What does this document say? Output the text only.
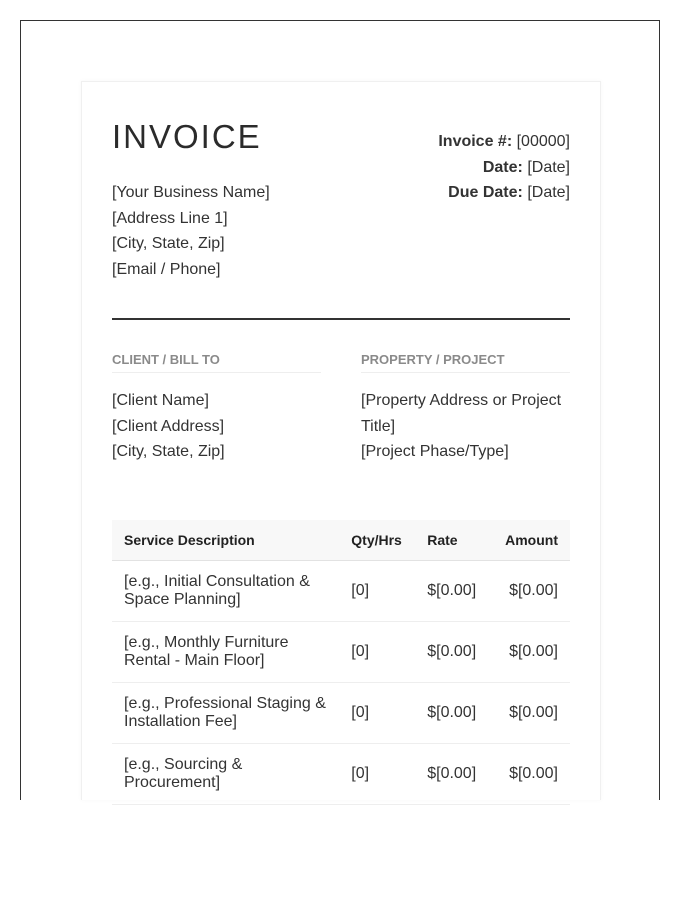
INVOICE
[Your Business Name]
[Address Line 1]
[City, State, Zip]
[Email / Phone]
Invoice #: [00000]
Date: [Date]
Due Date: [Date]
CLIENT / BILL TO	PROPERTY / PROJECT
[Client Name]
[Client Address]
[City, State, Zip]
[Property Address or Project Title]
[Project Phase/Type]
Service Description	Qty/Hrs	Rate	Amount
[e.g., Initial Consultation & Space Planning]	[0]	$[0.00]	$[0.00]
[e.g., Monthly Furniture Rental - Main Floor]	[0]	$[0.00]	$[0.00]
[e.g., Professional Staging & Installation Fee]	[0]	$[0.00]	$[0.00]
[e.g., Sourcing & Procurement]	[0]	$[0.00]	$[0.00]
